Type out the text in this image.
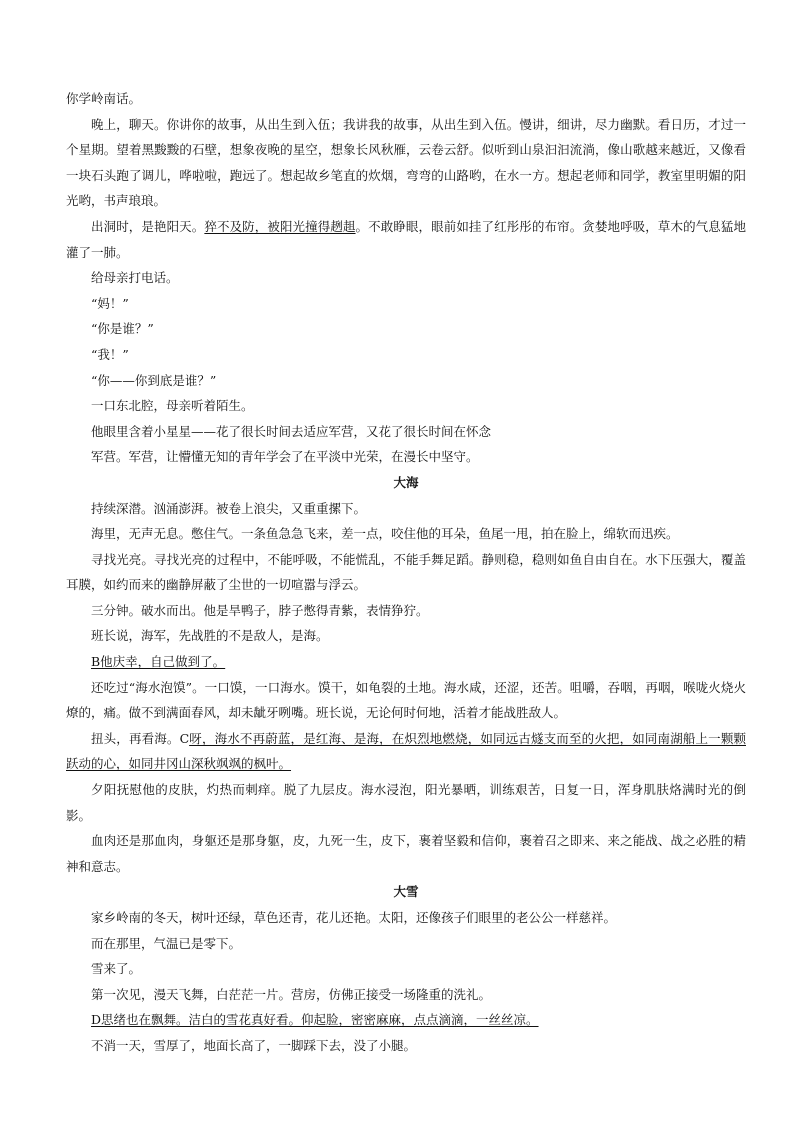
你学岭南话。

晚上，聊天。你讲你的故事，从出生到入伍；我讲我的故事，从出生到入伍。慢讲，细讲，尽力幽默。看日历，才过一个星期。望着黑黢黢的石壁，想象夜晚的星空，想象长风秋雁，云卷云舒。似听到山泉汩汩流淌，像山歌越来越近，又像看一块石头跑了调儿，哗啦啦，跑远了。想起故乡笔直的炊烟，弯弯的山路哟，在水一方。想起老师和同学，教室里明媚的阳光哟，书声琅琅。

出洞时，是艳阳天。猝不及防，被阳光撞得趔趄。不敢睁眼，眼前如挂了红彤彤的布帘。贪婪地呼吸，草木的气息猛地灌了一肺。

给母亲打电话。

“妈！”

“你是谁？”

“我！”

“你——你到底是谁？”

一口东北腔，母亲听着陌生。

他眼里含着小星星——花了很长时间去适应军营，又花了很长时间在怀念

军营。军营，让懵懂无知的青年学会了在平淡中光荣，在漫长中坚守。

大海

持续深潜。汹涌澎湃。被卷上浪尖，又重重摞下。

海里，无声无息。憋住气。一条鱼急急飞来，差一点，咬住他的耳朵，鱼尾一甩，拍在脸上，绵软而迅疾。

寻找光亮。寻找光亮的过程中，不能呼吸，不能慌乱，不能手舞足蹈。静则稳，稳则如鱼自由自在。水下压强大，覆盖耳膜，如约而来的幽静屏蔽了尘世的一切喧嚣与浮云。

三分钟。破水而出。他是旱鸭子，脖子憋得青紫，表情狰狞。

班长说，海军，先战胜的不是敌人，是海。

B他庆幸，自己做到了。

还吃过“海水泡馍”。一口馍，一口海水。馍干，如龟裂的土地。海水咸，还涩，还苦。咀嚼，吞咽，再咽，喉咙火烧火燎的，痛。做不到满面春风，却未龇牙咧嘴。班长说，无论何时何地，活着才能战胜敌人。

扭头，再看海。C呀，海水不再蔚蓝，是红海、是海，在炽烈地燃烧，如同远古燧支而至的火把，如同南湖船上一颗颗跃动的心，如同井冈山深秋飒飒的枫叶。

夕阳抚慰他的皮肤，灼热而刺痒。脱了九层皮。海水浸泡，阳光暴晒，训练艰苦，日复一日，浑身肌肤烙满时光的倒影。

血肉还是那血肉，身躯还是那身躯，皮，九死一生，皮下，裹着坚毅和信仰，裹着召之即来、来之能战、战之必胜的精神和意志。

大雪

家乡岭南的冬天，树叶还绿，草色还青，花儿还艳。太阳，还像孩子们眼里的老公公一样慈祥。

而在那里，气温已是零下。

雪来了。

第一次见，漫天飞舞，白茫茫一片。营房，仿佛正接受一场隆重的洗礼。

D思绪也在飘舞。洁白的雪花真好看。仰起脸，密密麻麻，点点滴滴，一丝丝凉。

不消一天，雪厚了，地面长高了，一脚踩下去，没了小腿。
